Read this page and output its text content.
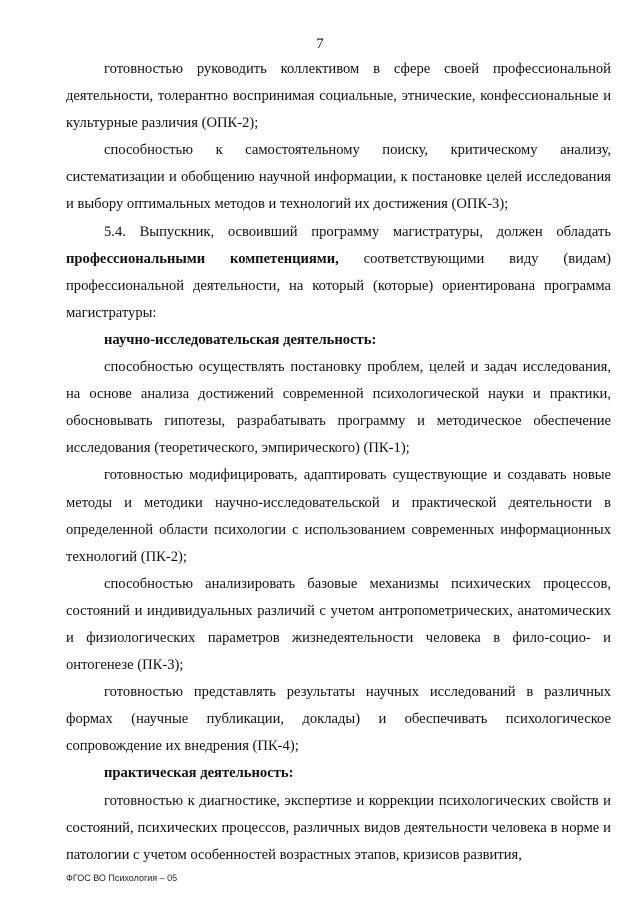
7

готовностью руководить коллективом в сфере своей профессиональной деятельности, толерантно воспринимая социальные, этнические, конфессиональные и культурные различия (ОПК-2);

способностью к самостоятельному поиску, критическому анализу, систематизации и обобщению научной информации, к постановке целей исследования и выбору оптимальных методов и технологий их достижения (ОПК-3);

5.4. Выпускник, освоивший программу магистратуры, должен обладать профессиональными компетенциями, соответствующими виду (видам) профессиональной деятельности, на который (которые) ориентирована программа магистратуры:

научно-исследовательская деятельность:

способностью осуществлять постановку проблем, целей и задач исследования, на основе анализа достижений современной психологической науки и практики, обосновывать гипотезы, разрабатывать программу и методическое обеспечение исследования (теоретического, эмпирического) (ПК-1);

готовностью модифицировать, адаптировать существующие и создавать новые методы и методики научно-исследовательской и практической деятельности в определенной области психологии с использованием современных информационных технологий (ПК-2);

способностью анализировать базовые механизмы психических процессов, состояний и индивидуальных различий с учетом антропометрических, анатомических и физиологических параметров жизнедеятельности человека в фило-социо- и онтогенезе (ПК-3);

готовностью представлять результаты научных исследований в различных формах (научные публикации, доклады) и обеспечивать психологическое сопровождение их внедрения (ПК-4);

практическая деятельность:

готовностью к диагностике, экспертизе и коррекции психологических свойств и состояний, психических процессов, различных видов деятельности человека в норме и патологии с учетом особенностей возрастных этапов, кризисов развития,

ФГОС ВО Психология – 05
